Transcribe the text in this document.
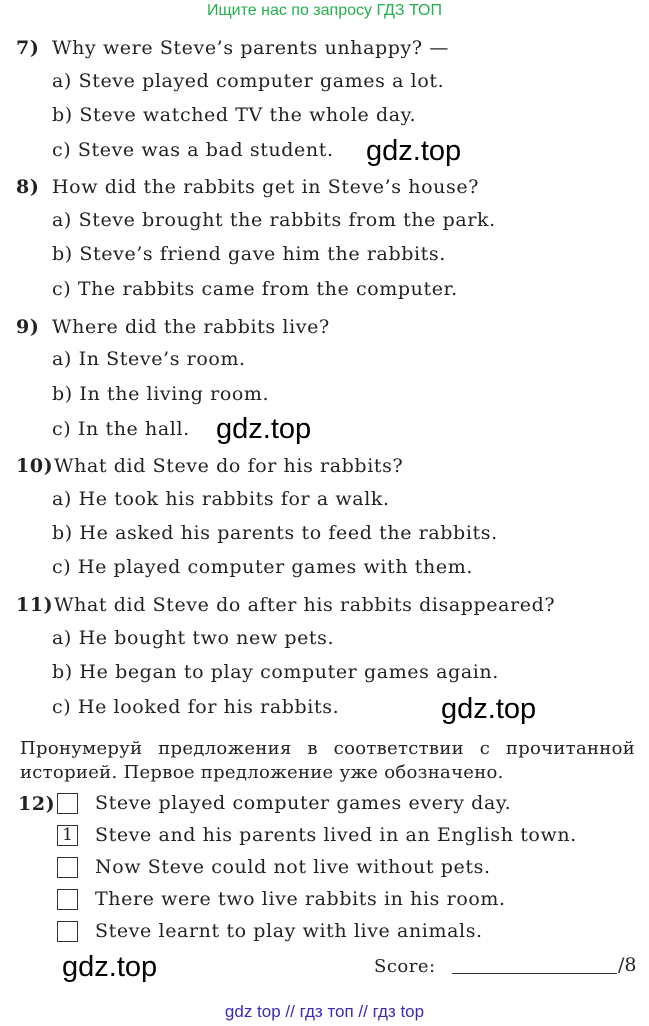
Ищите нас по запросу ГДЗ ТОП
7) Why were Steve’s parents unhappy? —
a) Steve played computer games a lot.
b) Steve watched TV the whole day.
c) Steve was a bad student. gdz.top
8) How did the rabbits get in Steve’s house?
a) Steve brought the rabbits from the park.
b) Steve’s friend gave him the rabbits.
c) The rabbits came from the computer.
9) Where did the rabbits live?
a) In Steve’s room.
b) In the living room.
c) In the hall. gdz.top
10) What did Steve do for his rabbits?
a) He took his rabbits for a walk.
b) He asked his parents to feed the rabbits.
c) He played computer games with them.
11) What did Steve do after his rabbits disappeared?
a) He bought two new pets.
b) He began to play computer games again.
c) He looked for his rabbits.	gdz.top
Пронумеруй предложения в соответствии с прочитанной историей. Первое предложение уже обозначено.
12)	Steve played computer games every day.
1 Steve and his parents lived in an English town.
Now Steve could not live without pets.
There were two live rabbits in his room.
Steve learnt to play with live animals.
gdz.top	Score:	/8
gdz top // гдз топ // гдз top
